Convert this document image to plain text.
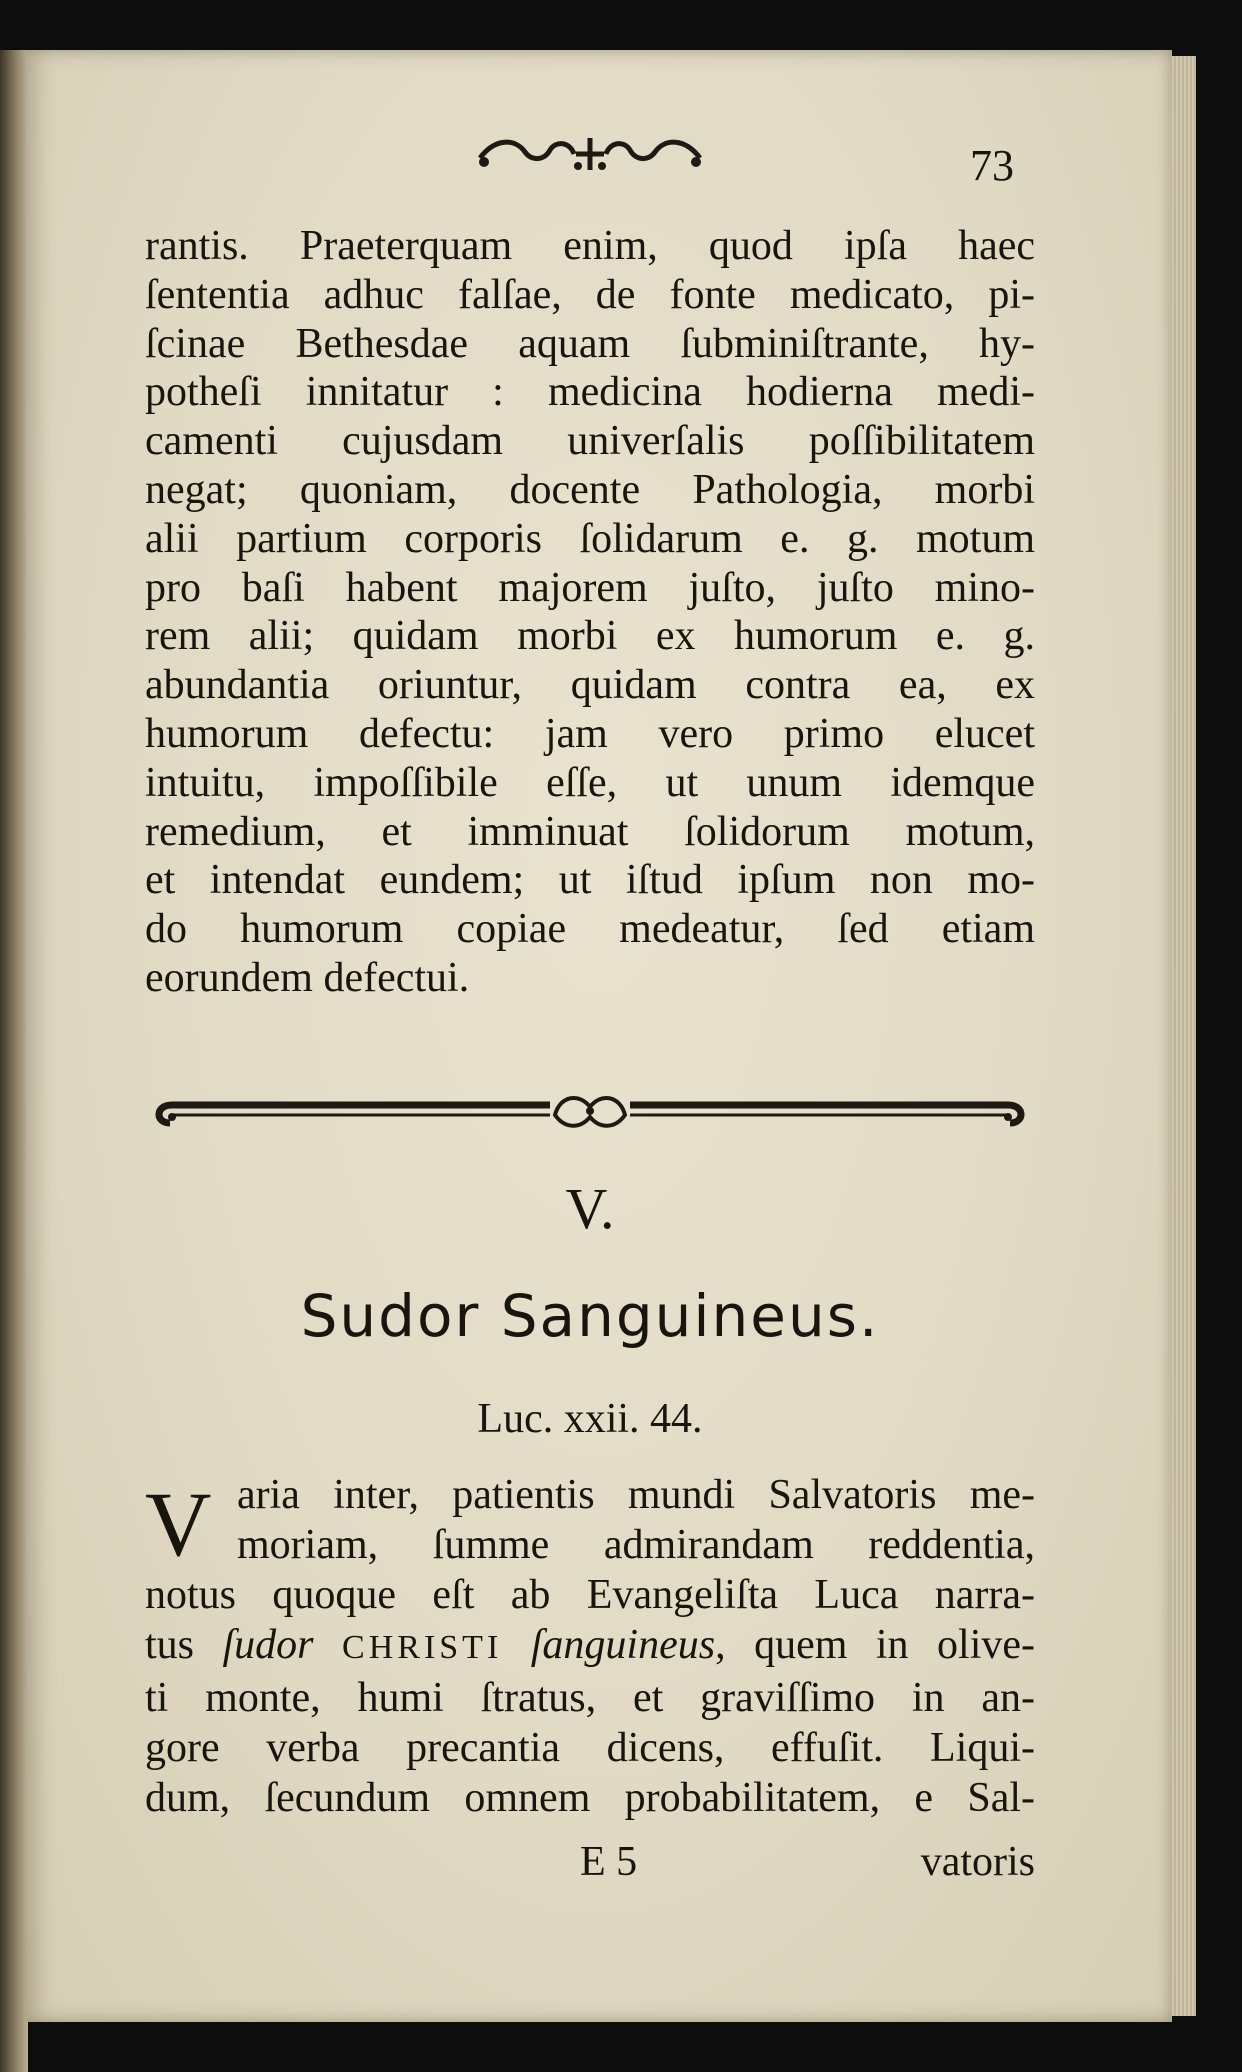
73

rantis. Praeterquam enim, quod ipſa haec
ſententia adhuc falſae, de fonte medicato, pi-
ſcinae Bethesdae aquam ſubminiſtrante, hy-
potheſi innitatur : medicina hodierna medi-
camenti cujusdam univerſalis poſſibilitatem
negat; quoniam, docente Pathologia, morbi
alii partium corporis ſolidarum e. g. motum
pro baſi habent majorem juſto, juſto mino-
rem alii; quidam morbi ex humorum e. g.
abundantia oriuntur, quidam contra ea, ex
humorum defectu: jam vero primo elucet
intuitu, impoſſibile eſſe, ut unum idemque
remedium, et imminuat ſolidorum motum,
et intendat eundem; ut iſtud ipſum non mo-
do humorum copiae medeatur, ſed etiam
eorundem defectui.

V.

Sudor Sanguineus.

Luc. xxii. 44.

V aria inter, patientis mundi Salvatoris me-
moriam, ſumme admirandam reddentia,
notus quoque eſt ab Evangeliſta Luca narra-
tus ſudor CHRISTI ſanguineus, quem in olive-
ti monte, humi ſtratus, et graviſſimo in an-
gore verba precantia dicens, effuſit. Liqui-
dum, ſecundum omnem probabilitatem, e Sal-

E 5	vatoris
